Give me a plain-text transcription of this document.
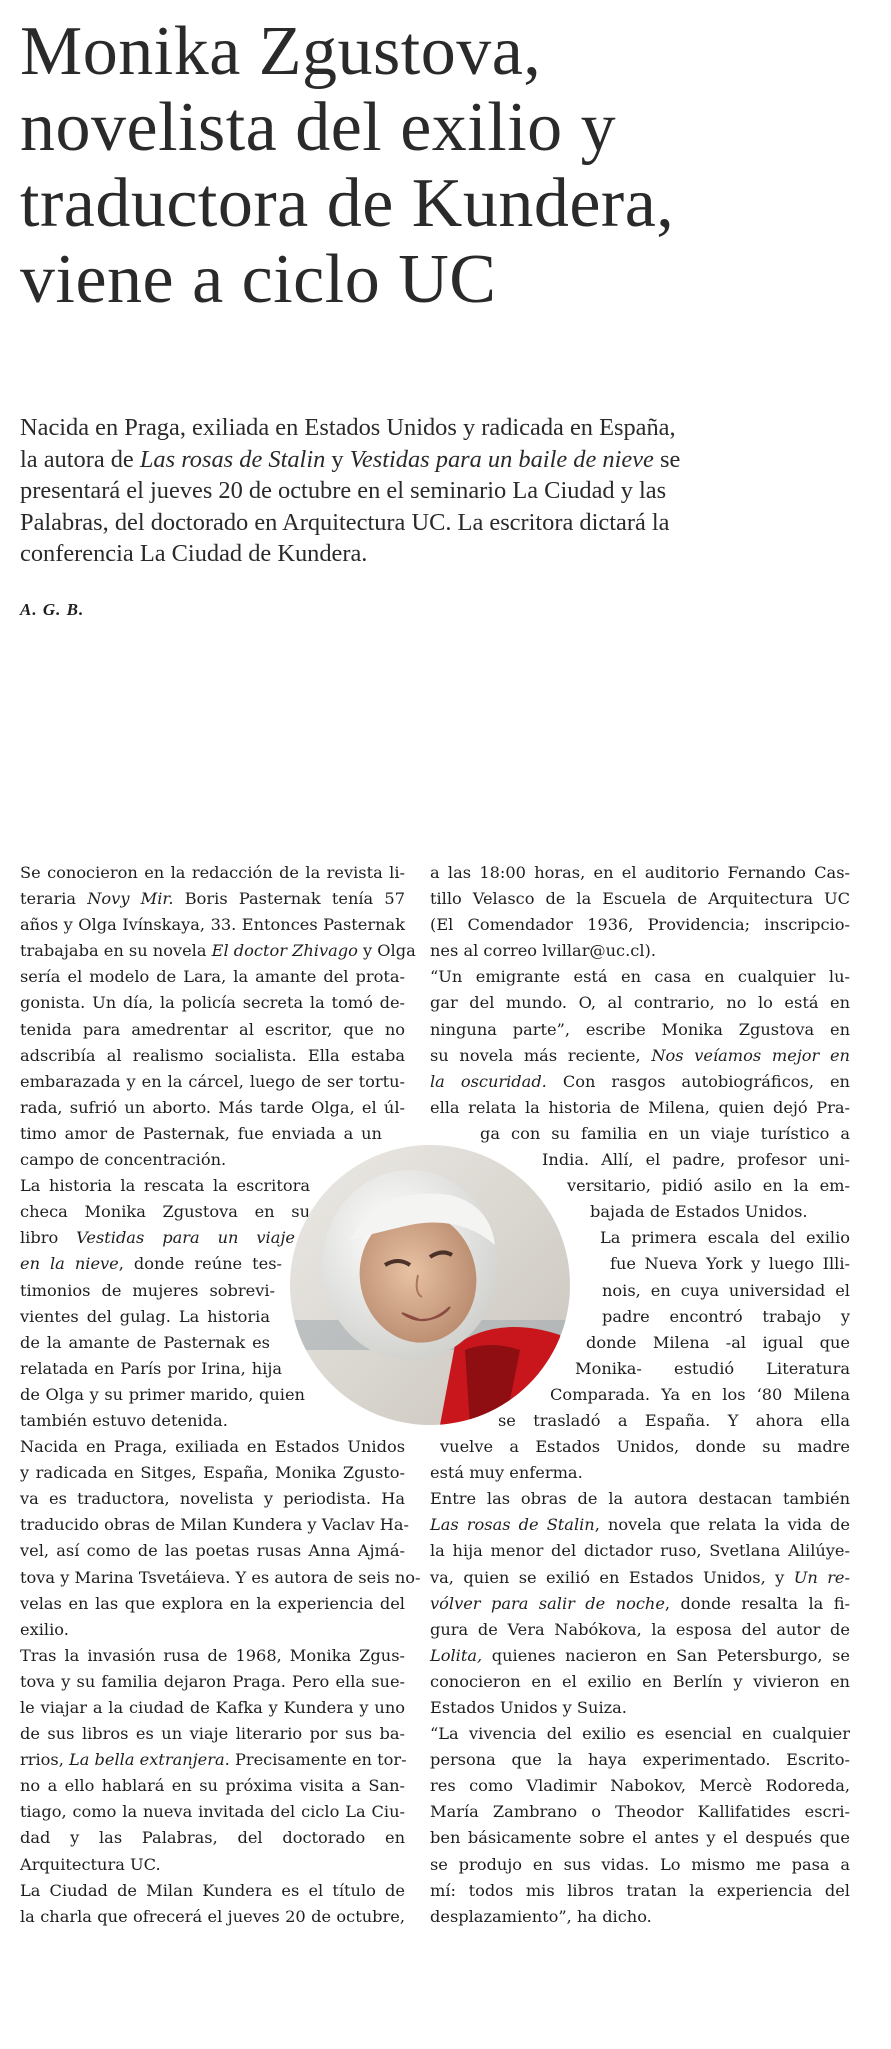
Monika Zgustova,
novelista del exilio y
traductora de Kundera,
viene a ciclo UC
Nacida en Praga, exiliada en Estados Unidos y radicada en España,
la autora de Las rosas de Stalin y Vestidas para un baile de nieve se
presentará el jueves 20 de octubre en el seminario La Ciudad y las
Palabras, del doctorado en Arquitectura UC. La escritora dictará la
conferencia La Ciudad de Kundera.
A. G. B.
Se conocieron en la redacción de la revista li-
teraria Novy Mir. Boris Pasternak tenía 57
años y Olga Ivínskaya, 33. Entonces Pasternak
trabajaba en su novela El doctor Zhivago y Olga
sería el modelo de Lara, la amante del prota-
gonista. Un día, la policía secreta la tomó de-
tenida para amedrentar al escritor, que no
adscribía al realismo socialista. Ella estaba
embarazada y en la cárcel, luego de ser tortu-
rada, sufrió un aborto. Más tarde Olga, el úl-
timo amor de Pasternak, fue enviada a un
campo de concentración.
La historia la rescata la escritora
checa Monika Zgustova en su
libro Vestidas para un viaje
en la nieve, donde reúne tes-
timonios de mujeres sobrevi-
vientes del gulag. La historia
de la amante de Pasternak es
relatada en París por Irina, hija
de Olga y su primer marido, quien
también estuvo detenida.
Nacida en Praga, exiliada en Estados Unidos
y radicada en Sitges, España, Monika Zgusto-
va es traductora, novelista y periodista. Ha
traducido obras de Milan Kundera y Vaclav Ha-
vel, así como de las poetas rusas Anna Ajmá-
tova y Marina Tsvetáieva. Y es autora de seis no-
velas en las que explora en la experiencia del
exilio.
Tras la invasión rusa de 1968, Monika Zgus-
tova y su familia dejaron Praga. Pero ella sue-
le viajar a la ciudad de Kafka y Kundera y uno
de sus libros es un viaje literario por sus ba-
rrios, La bella extranjera. Precisamente en tor-
no a ello hablará en su próxima visita a San-
tiago, como la nueva invitada del ciclo La Ciu-
dad y las Palabras, del doctorado en
Arquitectura UC.
La Ciudad de Milan Kundera es el título de
la charla que ofrecerá el jueves 20 de octubre,
a las 18:00 horas, en el auditorio Fernando Cas-
tillo Velasco de la Escuela de Arquitectura UC
(El Comendador 1936, Providencia; inscripcio-
nes al correo lvillar@uc.cl).
“Un emigrante está en casa en cualquier lu-
gar del mundo. O, al contrario, no lo está en
ninguna parte”, escribe Monika Zgustova en
su novela más reciente, Nos veíamos mejor en
la oscuridad. Con rasgos autobiográficos, en
ella relata la historia de Milena, quien dejó Pra-
ga con su familia en un viaje turístico a
India. Allí, el padre, profesor uni-
versitario, pidió asilo en la em-
bajada de Estados Unidos.
La primera escala del exilio
fue Nueva York y luego Illi-
nois, en cuya universidad el
padre encontró trabajo y
donde Milena -al igual que
Monika- estudió Literatura
Comparada. Ya en los ‘80 Milena
se trasladó a España. Y ahora ella
vuelve a Estados Unidos, donde su madre
está muy enferma.
Entre las obras de la autora destacan también
Las rosas de Stalin, novela que relata la vida de
la hija menor del dictador ruso, Svetlana Alilúye-
va, quien se exilió en Estados Unidos, y Un re-
vólver para salir de noche, donde resalta la fi-
gura de Vera Nabókova, la esposa del autor de
Lolita, quienes nacieron en San Petersburgo, se
conocieron en el exilio en Berlín y vivieron en
Estados Unidos y Suiza.
“La vivencia del exilio es esencial en cualquier
persona que la haya experimentado. Escrito-
res como Vladimir Nabokov, Mercè Rodoreda,
María Zambrano o Theodor Kallifatides escri-
ben básicamente sobre el antes y el después que
se produjo en sus vidas. Lo mismo me pasa a
mí: todos mis libros tratan la experiencia del
desplazamiento”, ha dicho.
